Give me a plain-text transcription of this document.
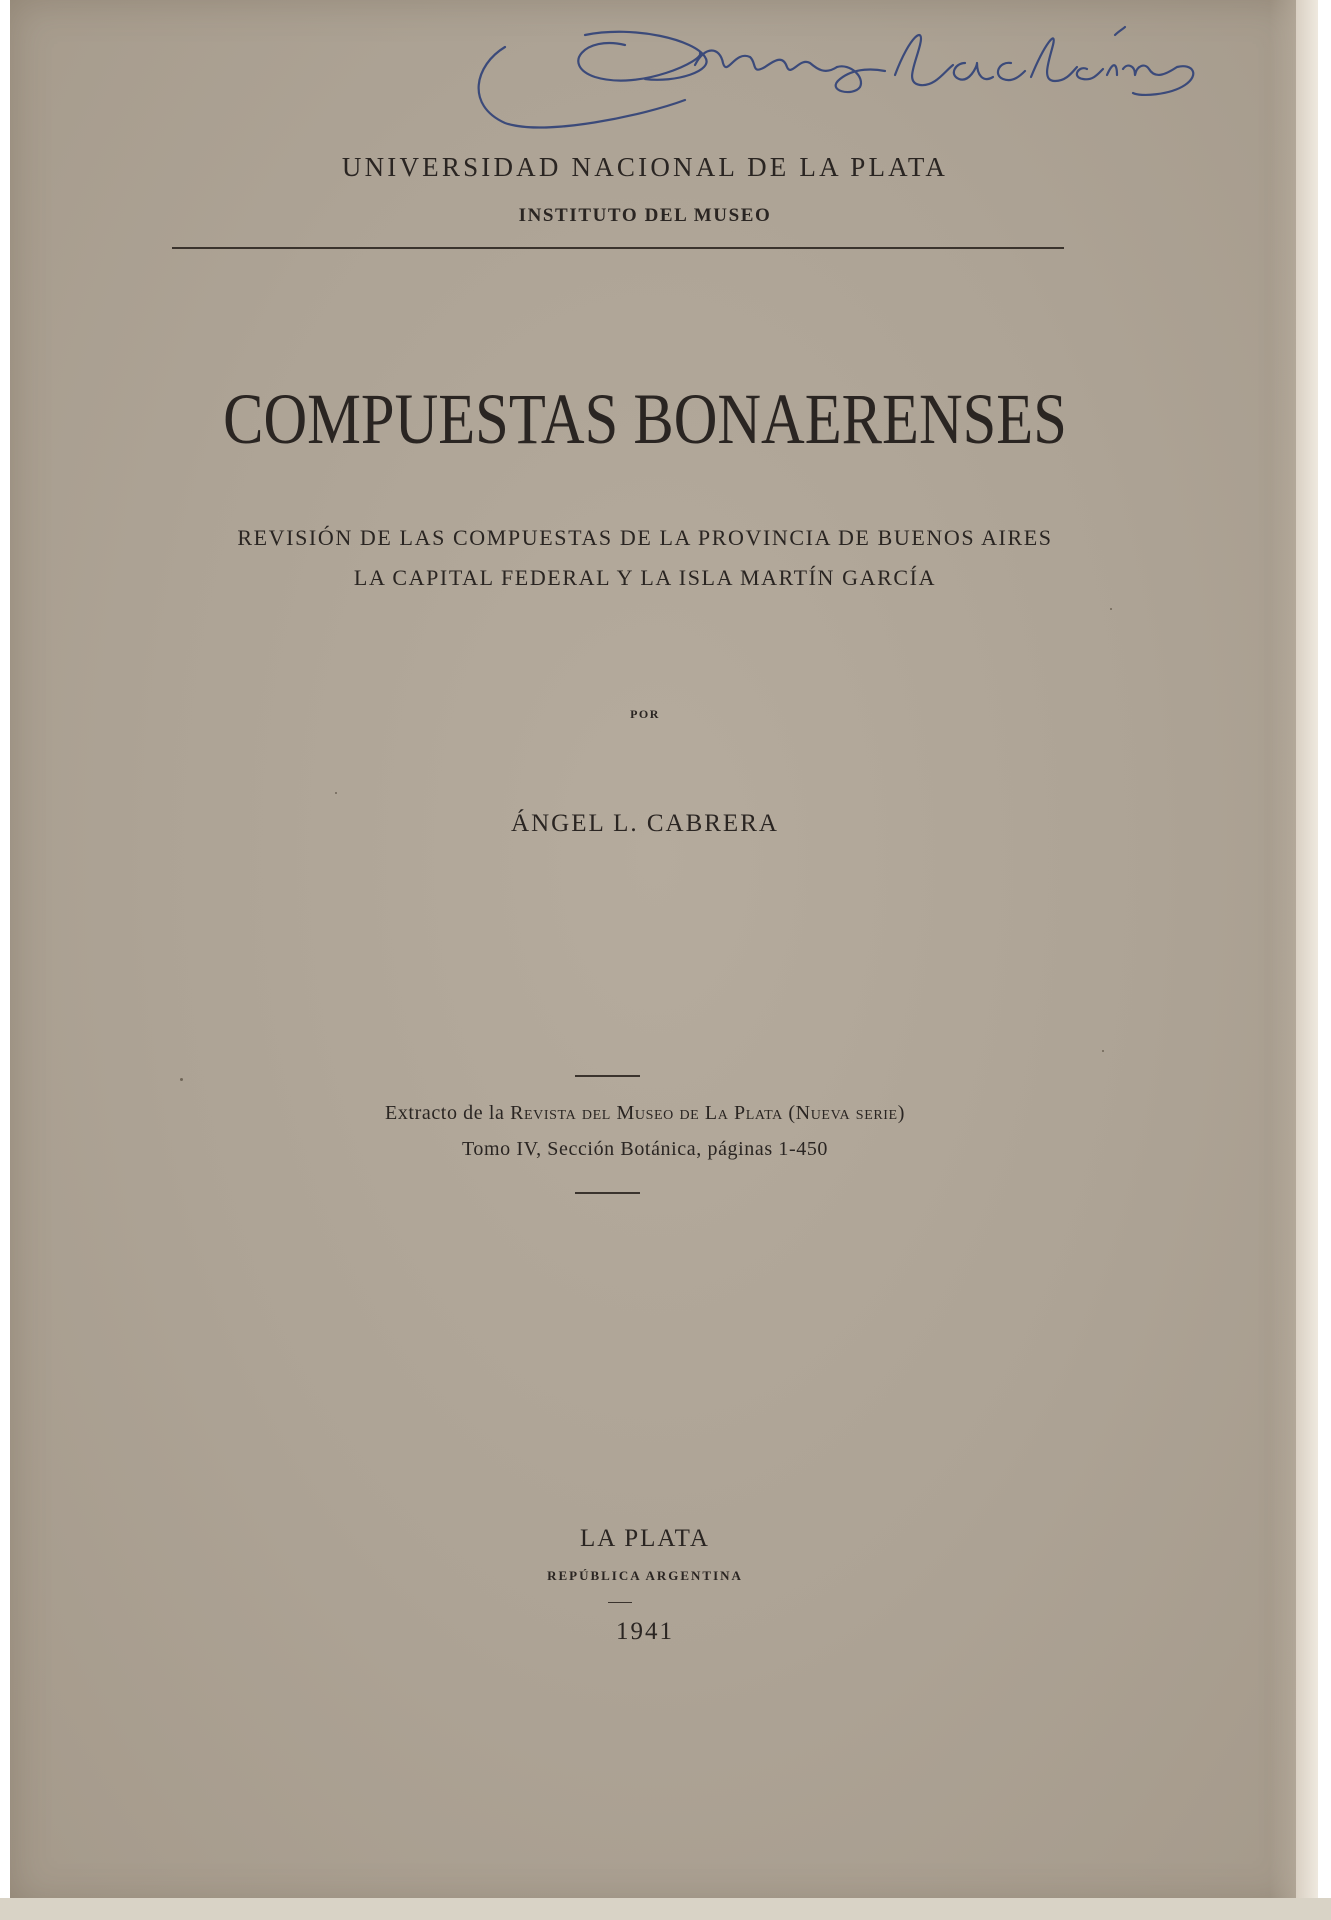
UNIVERSIDAD NACIONAL DE LA PLATA
INSTITUTO DEL MUSEO
COMPUESTAS BONAERENSES
REVISIÓN DE LAS COMPUESTAS DE LA PROVINCIA DE BUENOS AIRES
LA CAPITAL FEDERAL Y LA ISLA MARTÍN GARCÍA
POR
ÁNGEL L. CABRERA
Extracto de la Revista del Museo de La Plata (Nueva serie)
Tomo IV, Sección Botánica, páginas 1-450
LA PLATA
REPÚBLICA ARGENTINA
1941
